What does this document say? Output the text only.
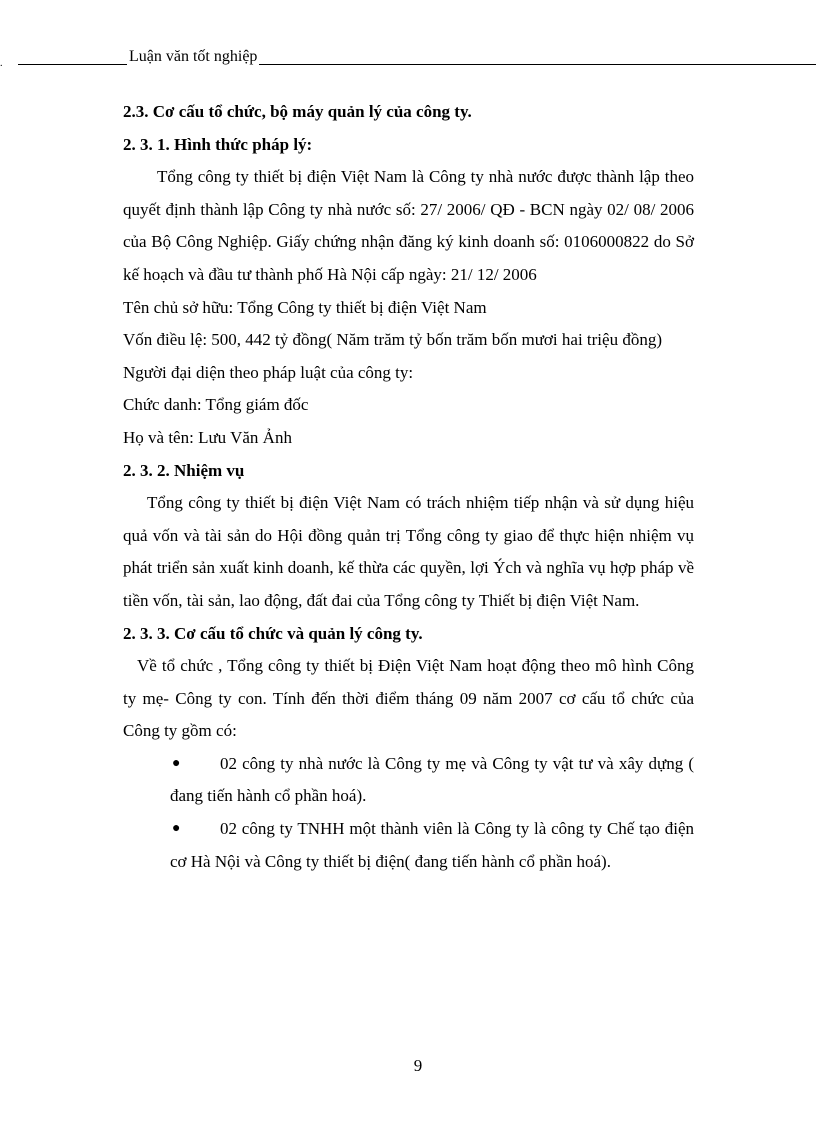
.	Luận văn tốt nghiệp
2.3. Cơ cấu tổ chức, bộ máy quản lý của công ty.
2. 3. 1. Hình thức pháp lý:
Tổng công ty thiết bị điện Việt Nam là Công ty nhà nước được thành lập theo quyết định thành lập Công ty nhà nước số: 27/ 2006/ QĐ - BCN ngày 02/ 08/ 2006 của Bộ Công Nghiệp. Giấy chứng nhận đăng ký kinh doanh số: 0106000822 do Sở kế hoạch và đầu tư thành phố Hà Nội cấp ngày: 21/ 12/ 2006
Tên chủ sở hữu: Tổng Công ty thiết bị điện Việt Nam
Vốn điều lệ: 500, 442 tỷ đồng( Năm trăm tỷ bốn trăm bốn mươi hai triệu đồng)
Người đại diện theo pháp luật của công ty:
Chức danh: Tổng giám đốc
Họ và tên: Lưu Văn Ảnh
2. 3. 2. Nhiệm vụ
Tổng công ty thiết bị điện Việt Nam có trách nhiệm tiếp nhận và sử dụng hiệu quả vốn và tài sản do Hội đồng quản trị Tổng công ty giao để thực hiện nhiệm vụ phát triển sản xuất kinh doanh, kế thừa các quyền, lợi Ých và nghĩa vụ hợp pháp về tiền vốn, tài sản, lao động, đất đai của Tổng công ty Thiết bị điện Việt Nam.
2. 3. 3. Cơ cấu tổ chức và quản lý công ty.
Về tổ chức , Tổng công ty thiết bị Điện Việt Nam hoạt động theo mô hình Công ty mẹ- Công ty con. Tính đến thời điểm tháng 09 năm 2007 cơ cấu tổ chức của Công ty gồm có:
●	02 công ty nhà nước là Công ty mẹ và Công ty vật tư và xây dựng ( đang tiến hành cổ phần hoá).
●	02 công ty TNHH một thành viên là Công ty là công ty Chế tạo điện cơ Hà Nội và Công ty thiết bị điện( đang tiến hành cổ phần hoá).
9
